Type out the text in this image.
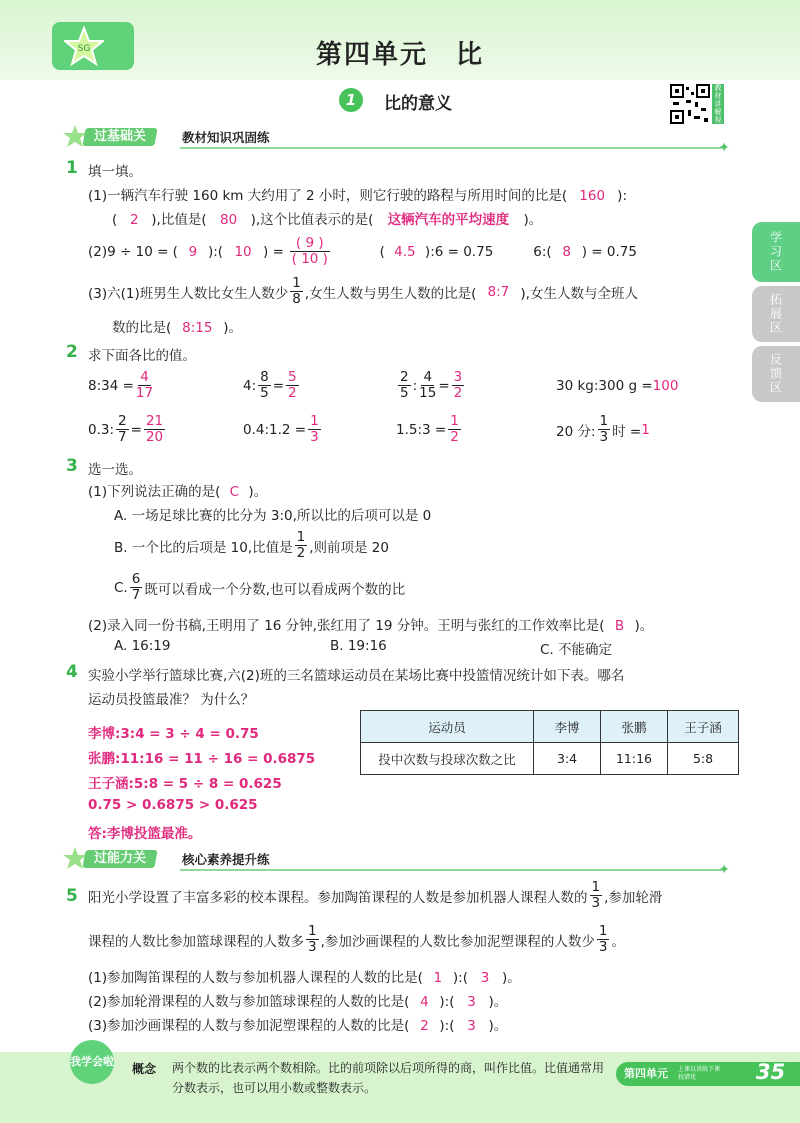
SG	第四单元　比
1	比的意义
教材讲解视频
学习区
拓展区
反馈区
过基础关	教材知识巩固练
✦
1 填一填。
(1)一辆汽车行驶 160 km 大约用了 2 小时，则它行驶的路程与所用时间的比是( 160 ):
( 2 ),比值是( 80 ),这个比值表示的是( 这辆汽车的平均速度 )。
(2)9 ÷ 10 = ( 9 ):( 10 ) = $\frac{( 9 )}{( 10 )}$	( 4.5 ):6 = 0.75	6:( 8 ) = 0.75
(3)六(1)班男生人数比女生人数少 $\frac{1}{8}$ ,女生人数与男生人数的比是( 8:7 ),女生人数与全班人
数的比是( 8:15 )。
2 求下面各比的值。
8:34 = $\frac{4}{17}$	4: $\frac{8}{5} = \frac{5}{2}$	$\frac{2}{5}$ : $\frac{4}{15} = \frac{3}{2}$	30 kg:300 g =100
0.3: $\frac{2}{7} = \frac{21}{20}$	0.4:1.2 = $\frac{1}{3}$	1.5:3 = $\frac{1}{2}$	20 分: $\frac{1}{3}$ 时 = 1
3 选一选。
(1)下列说法正确的是( C )。
A. 一场足球比赛的比分为 3:0,所以比的后项可以是 0
B. 一个比的后项是 10,比值是 $\frac{1}{2}$ ,则前项是 20
C. $\frac{6}{7}$ 既可以看成一个分数,也可以看成两个数的比
(2)录入同一份书稿,王明用了 16 分钟,张红用了 19 分钟。王明与张红的工作效率比是( B )。
A. 16:19	B. 19:16	C. 不能确定
4 实验小学举行篮球比赛,六(2)班的三名篮球运动员在某场比赛中投篮情况统计如下表。哪名
运动员投篮最准？ 为什么？
运动员	李博	张鹏	王子涵
投中次数与投球次数之比	3:4	11:16	5:8
李博:3:4 = 3 ÷ 4 = 0.75
张鹏:11:16 = 11 ÷ 16 = 0.6875
王子涵:5:8 = 5 ÷ 8 = 0.625
0.75 > 0.6875 > 0.625
答:李博投篮最准。
过能力关	核心素养提升练
✦
5 阳光小学设置了丰富多彩的校本课程。参加陶笛课程的人数是参加机器人课程人数的 $\frac{1}{3}$ ,参加轮滑
课程的人数比参加篮球课程的人数多 $\frac{1}{3}$ ,参加沙画课程的人数比参加泥塑课程的人数少 $\frac{1}{3}$ 。
(1)参加陶笛课程的人数与参加机器人课程的人数的比是( 1 ):( 3 )。
(2)参加轮滑课程的人数与参加篮球课程的人数的比是( 4 ):( 3 )。
(3)参加沙画课程的人数与参加泥塑课程的人数的比是( 2 ):( 3 )。
我学会啦
概念 两个数的比表示两个数相除。比的前项除以后项所得的商，叫作比值。比值通常用分数表示，也可以用小数或整数表示。
第四单元 上课以讲练下课找错优	35
